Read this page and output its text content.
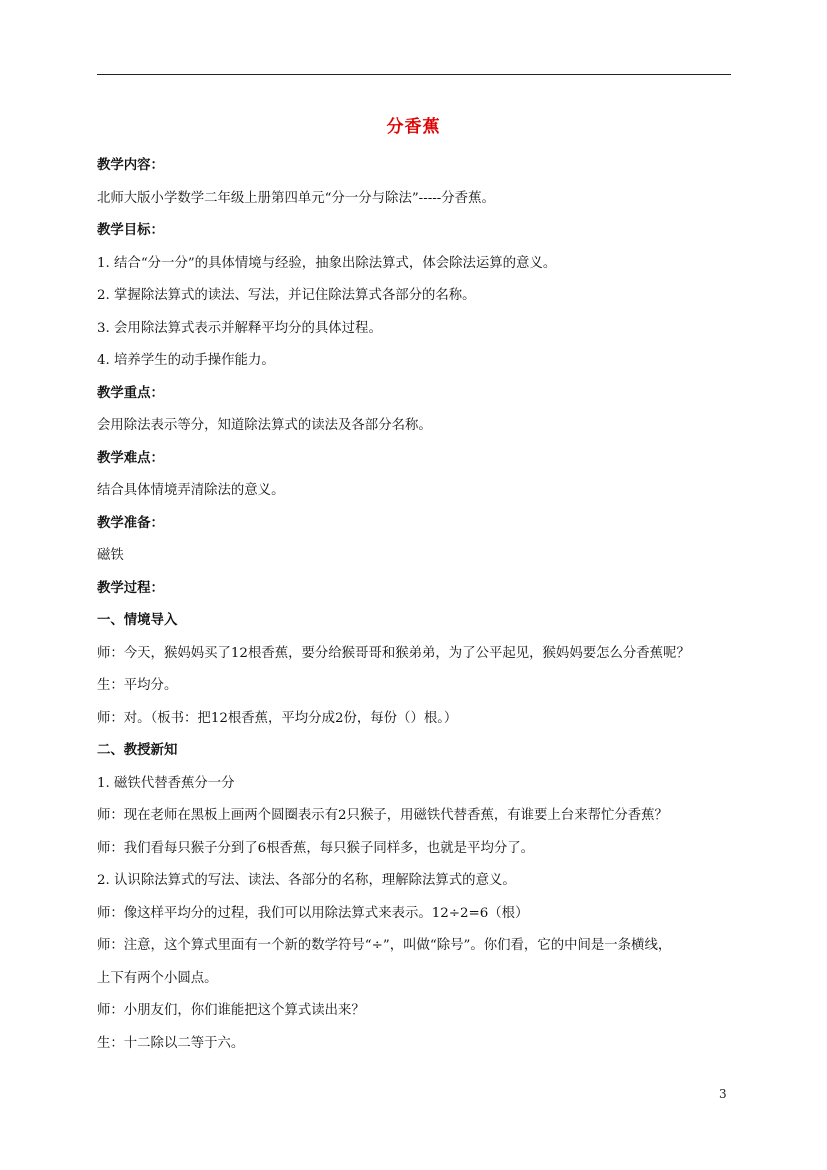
分香蕉
教学内容：
北师大版小学数学二年级上册第四单元“分一分与除法”-----分香蕉。
教学目标：
1. 结合“分一分”的具体情境与经验，抽象出除法算式，体会除法运算的意义。
2. 掌握除法算式的读法、写法，并记住除法算式各部分的名称。
3. 会用除法算式表示并解释平均分的具体过程。
4. 培养学生的动手操作能力。
教学重点：
会用除法表示等分，知道除法算式的读法及各部分名称。
教学难点：
结合具体情境弄清除法的意义。
教学准备：
磁铁
教学过程：
一、情境导入
师：今天，猴妈妈买了12根香蕉，要分给猴哥哥和猴弟弟，为了公平起见，猴妈妈要怎么分香蕉呢？
生：平均分。
师：对。（板书：把12根香蕉，平均分成2份，每份（）根。）
二、教授新知
1. 磁铁代替香蕉分一分
师：现在老师在黑板上画两个圆圈表示有2只猴子，用磁铁代替香蕉，有谁要上台来帮忙分香蕉？
师：我们看每只猴子分到了6根香蕉，每只猴子同样多，也就是平均分了。
2. 认识除法算式的写法、读法、各部分的名称，理解除法算式的意义。
师：像这样平均分的过程，我们可以用除法算式来表示。12÷2=6（根）
师：注意，这个算式里面有一个新的数学符号“÷”，叫做“除号”。你们看，它的中间是一条横线，
上下有两个小圆点。
师：小朋友们，你们谁能把这个算式读出来？
生：十二除以二等于六。
3
